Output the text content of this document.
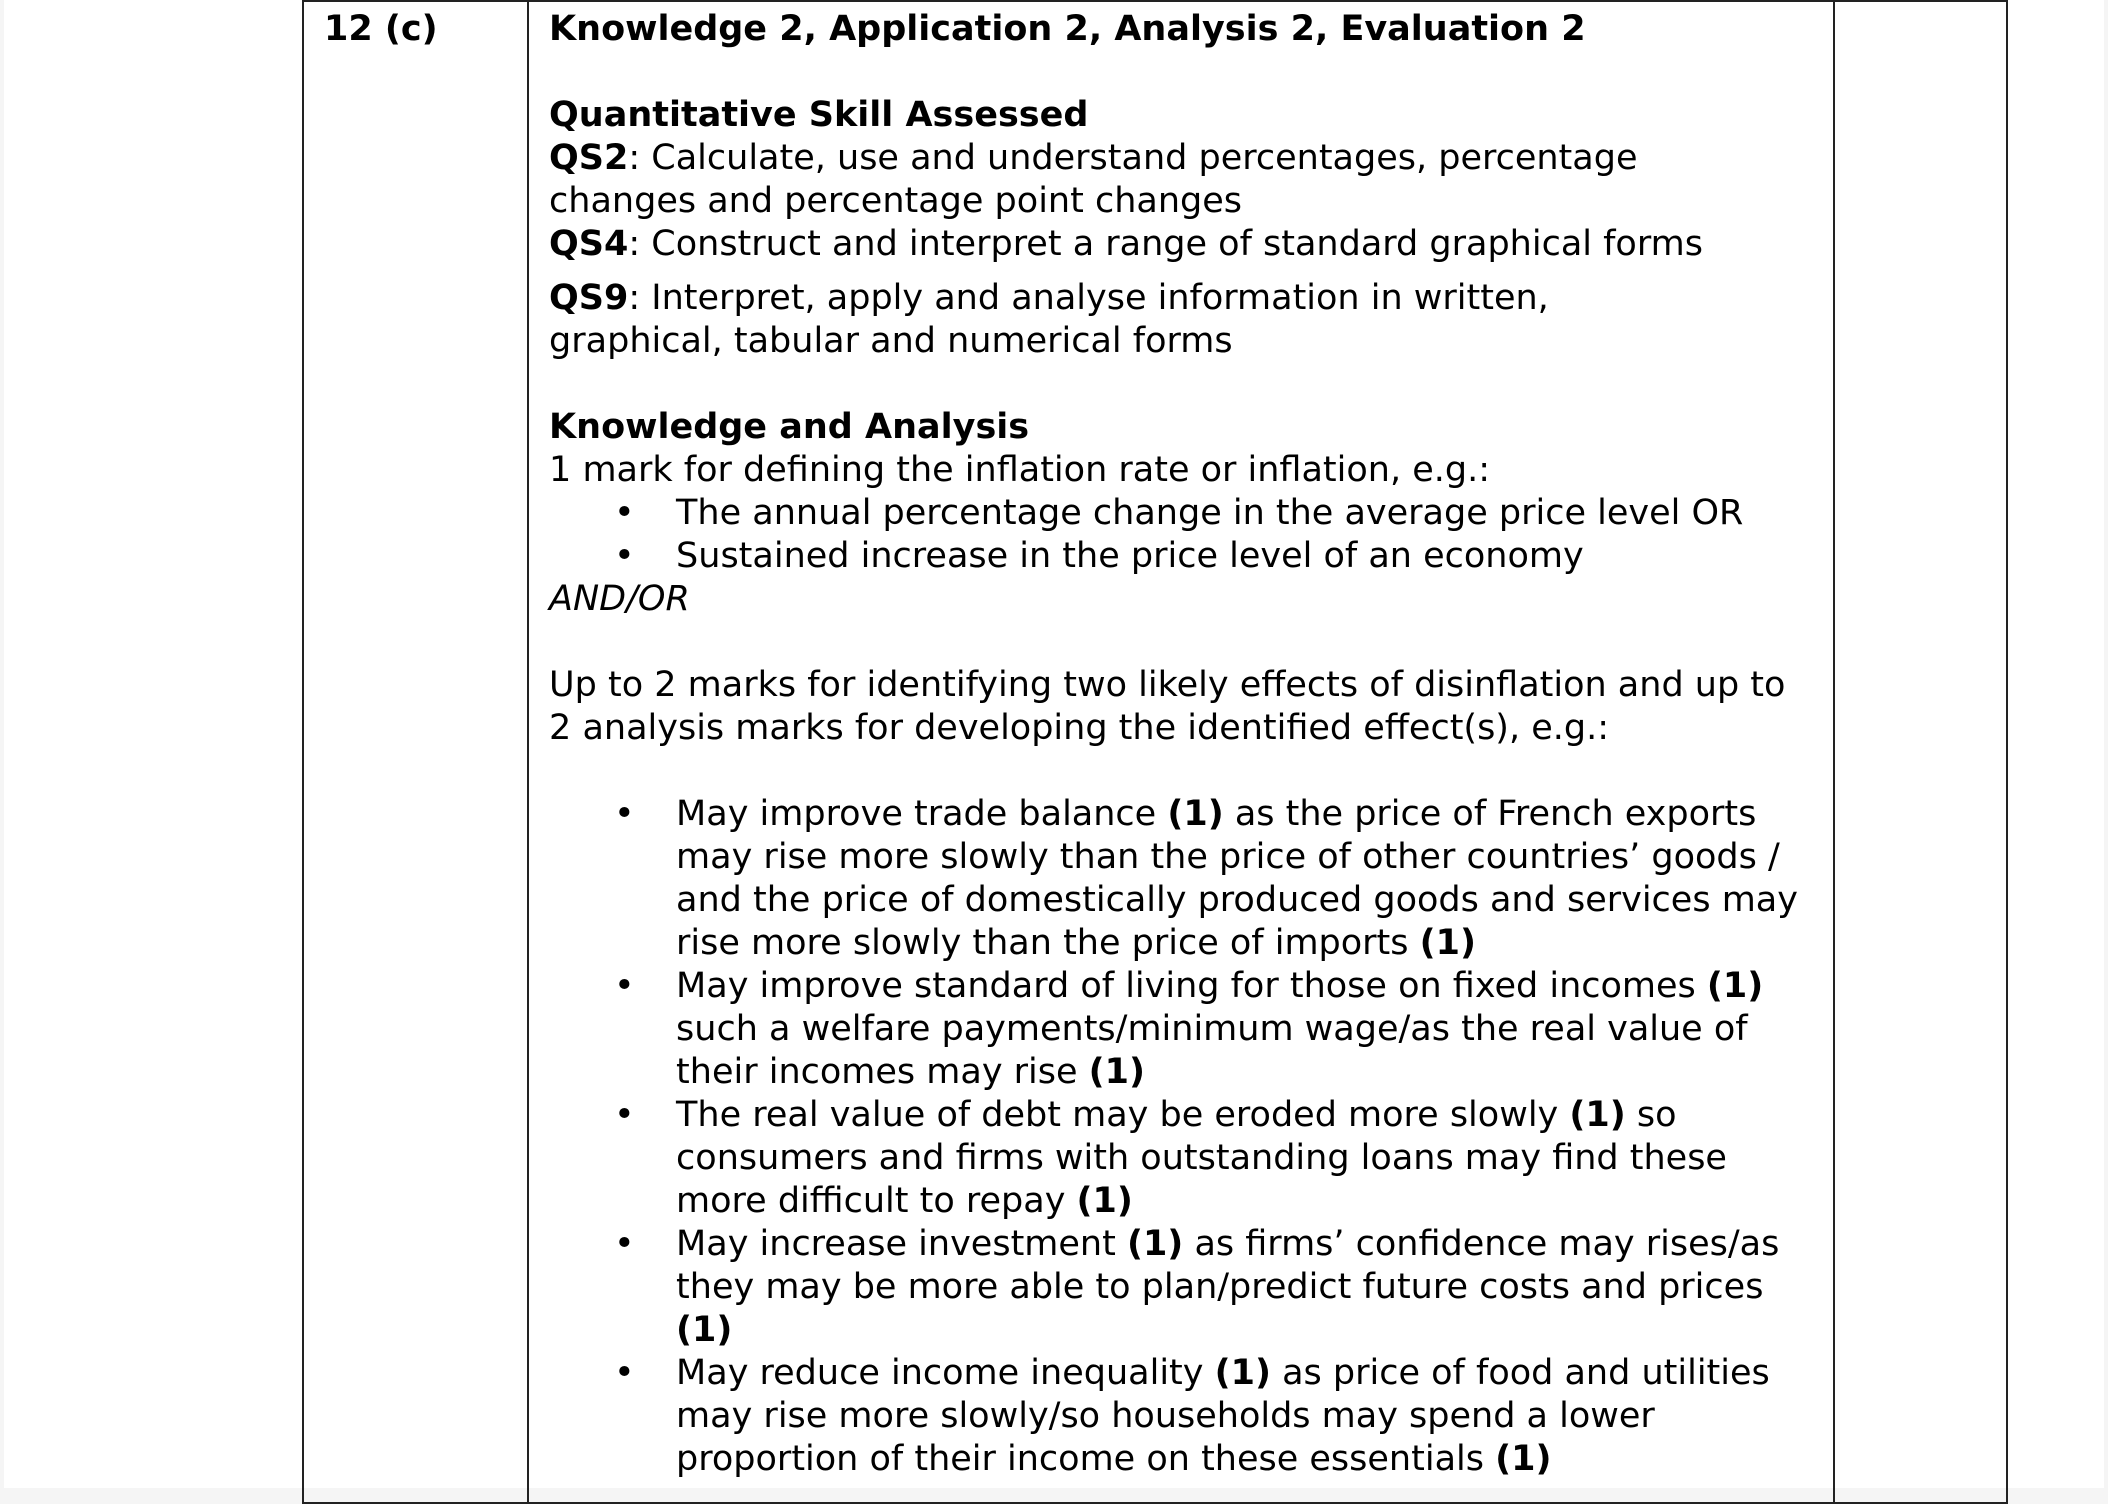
12 (c)	Knowledge 2, Application 2, Analysis 2, Evaluation 2
Quantitative Skill Assessed
QS2: Calculate, use and understand percentages, percentage changes and percentage point changes
QS4: Construct and interpret a range of standard graphical forms
QS9: Interpret, apply and analyse information in written, graphical, tabular and numerical forms
Knowledge and Analysis
1 mark for defining the inflation rate or inflation, e.g.:
• The annual percentage change in the average price level OR
• Sustained increase in the price level of an economy
AND/OR
Up to 2 marks for identifying two likely effects of disinflation and up to 2 analysis marks for developing the identified effect(s), e.g.:
• May improve trade balance (1) as the price of French exports may rise more slowly than the price of other countries’ goods / and the price of domestically produced goods and services may rise more slowly than the price of imports (1)
• May improve standard of living for those on fixed incomes (1) such a welfare payments/minimum wage/as the real value of their incomes may rise (1)
• The real value of debt may be eroded more slowly (1) so consumers and firms with outstanding loans may find these more difficult to repay (1)
• May increase investment (1) as firms’ confidence may rises/as they may be more able to plan/predict future costs and prices (1)
• May reduce income inequality (1) as price of food and utilities may rise more slowly/so households may spend a lower proportion of their income on these essentials (1)
